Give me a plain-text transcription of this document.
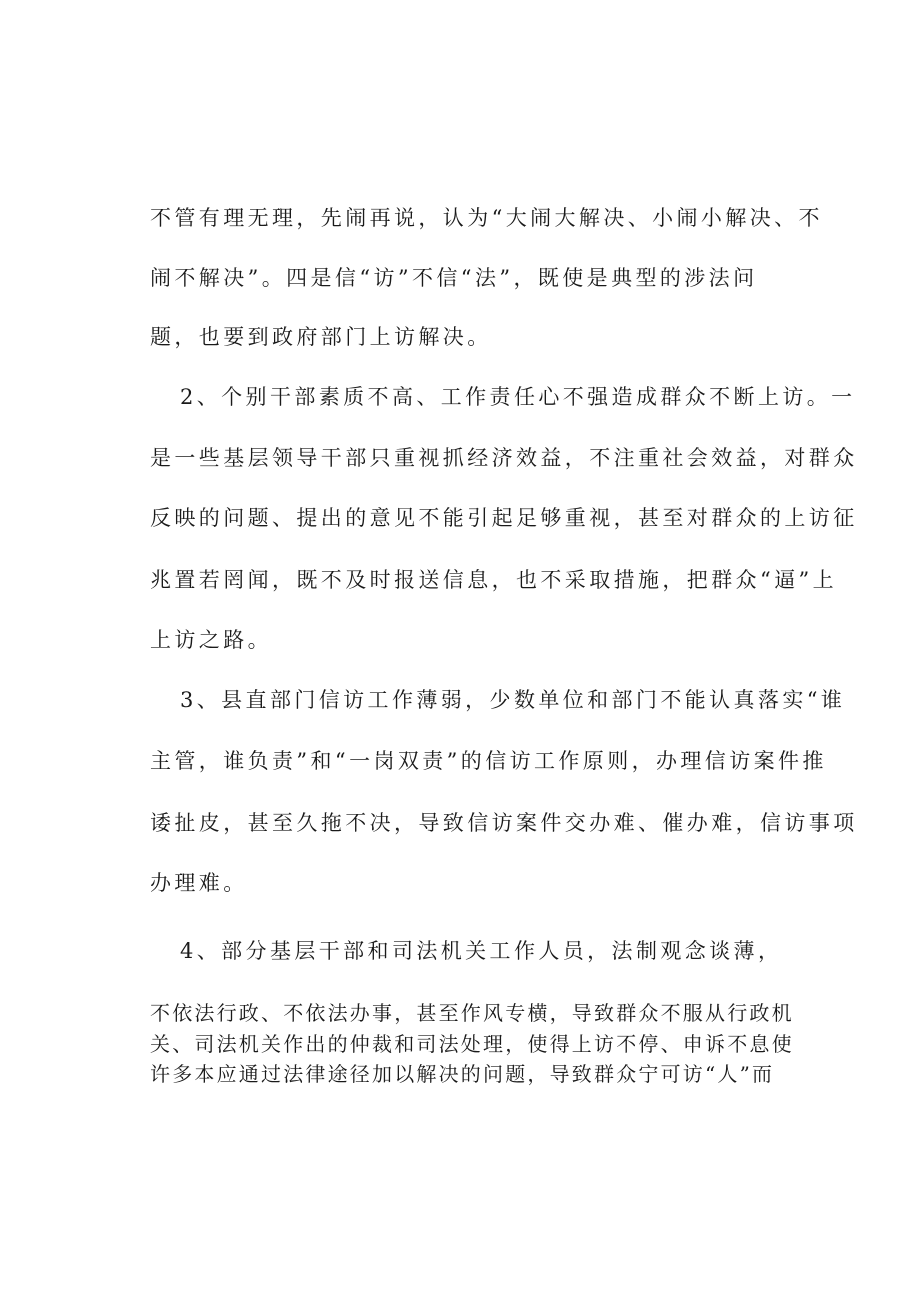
不管有理无理，先闹再说，认为“大闹大解决、小闹小解决、不
闹不解决”。四是信“访”不信“法”，既使是典型的涉法问
题，也要到政府部门上访解决。
2、个别干部素质不高、工作责任心不强造成群众不断上访。一
是一些基层领导干部只重视抓经济效益，不注重社会效益，对群众
反映的问题、提出的意见不能引起足够重视，甚至对群众的上访征
兆置若罔闻，既不及时报送信息，也不采取措施，把群众“逼”上
上访之路。
3、县直部门信访工作薄弱，少数单位和部门不能认真落实“谁
主管，谁负责”和“一岗双责”的信访工作原则，办理信访案件推
诿扯皮，甚至久拖不决，导致信访案件交办难、催办难，信访事项
办理难。
4、部分基层干部和司法机关工作人员，法制观念谈薄，
不依法行政、不依法办事，甚至作风专横，导致群众不服从行政机
关、司法机关作出的仲裁和司法处理，使得上访不停、申诉不息使
许多本应通过法律途径加以解决的问题，导致群众宁可访“人”而
